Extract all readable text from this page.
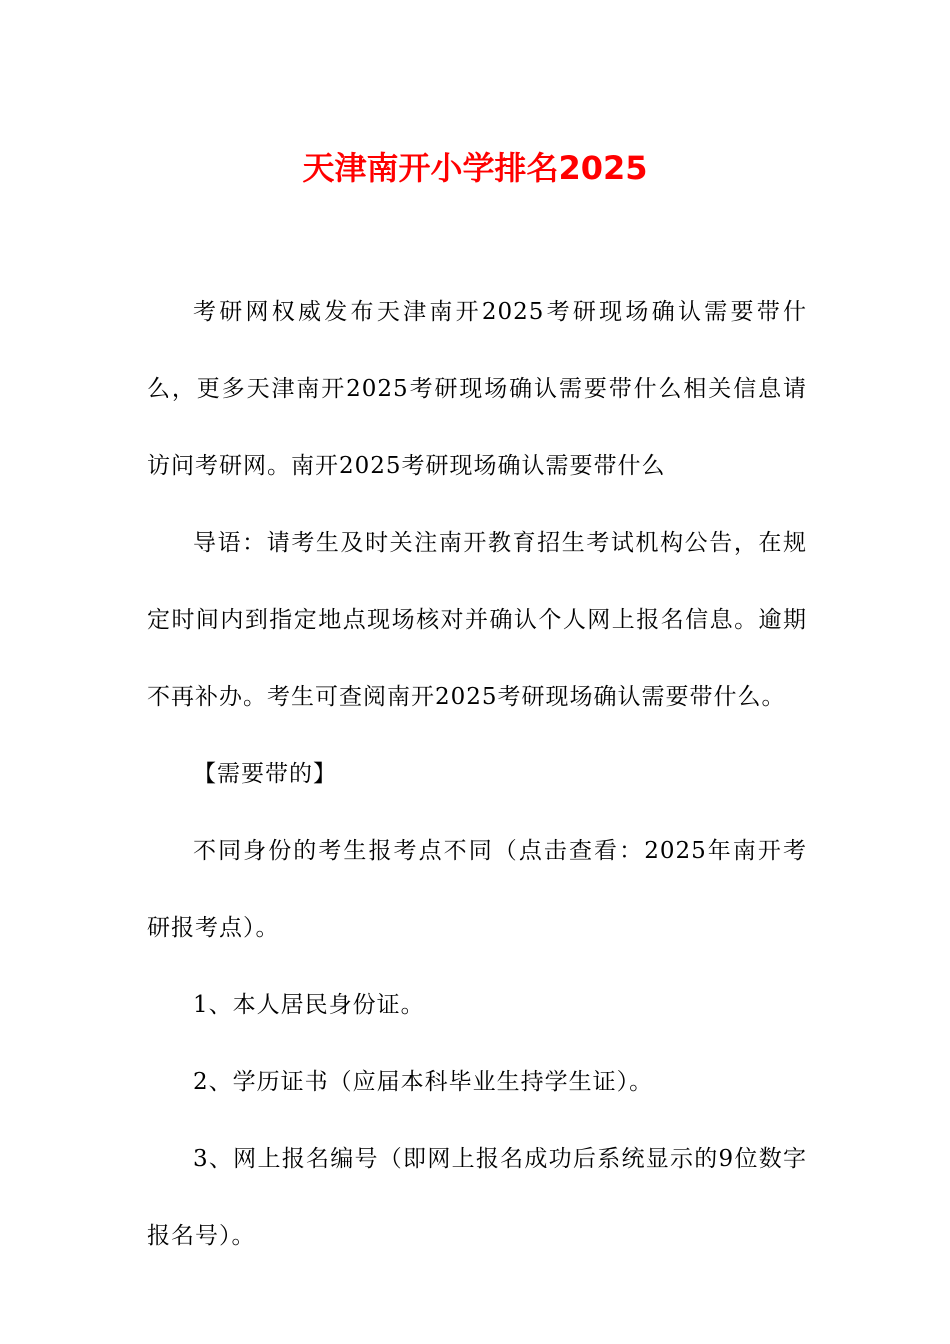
天津南开小学排名2025

考研网权威发布天津南开2025考研现场确认需要带什么，更多天津南开2025考研现场确认需要带什么相关信息请访问考研网。南开2025考研现场确认需要带什么

导语：请考生及时关注南开教育招生考试机构公告，在规定时间内到指定地点现场核对并确认个人网上报名信息。逾期不再补办。考生可查阅南开2025考研现场确认需要带什么。

【需要带的】

不同身份的考生报考点不同（点击查看：2025年南开考研报考点）。

1、本人居民身份证。

2、学历证书（应届本科毕业生持学生证）。

3、网上报名编号（即网上报名成功后系统显示的9位数字报名号）。
